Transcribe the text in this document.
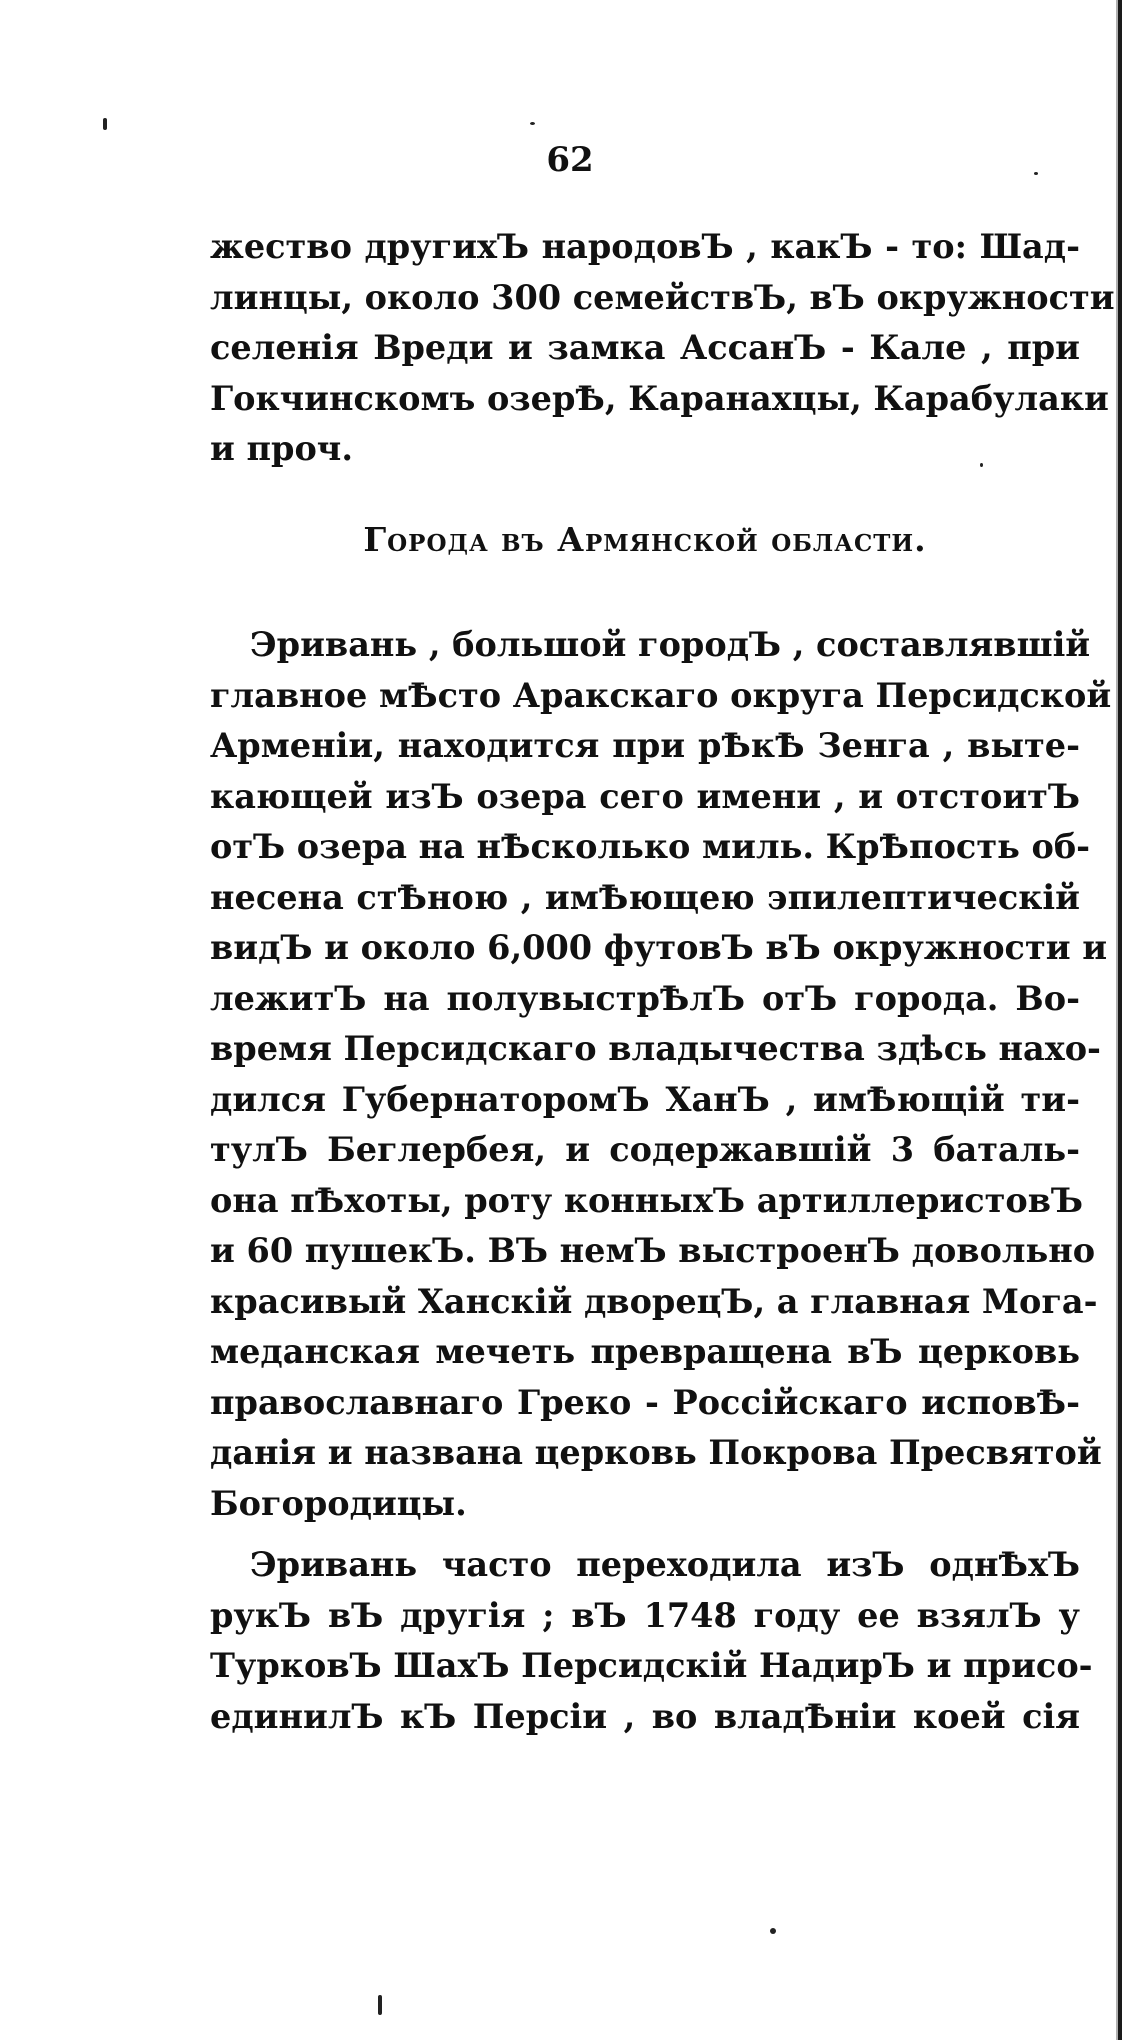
62
жество другихЪ народовЪ , какЪ - то: Шад-
линцы, около 300 семействЪ, вЪ окружности
селенія Вреди и замка АссанЪ - Кале , при
Гокчинскомъ озерѢ, Каранахцы, Карабулаки
и проч.
Города въ Армянской области.
Эривань , большой городЪ , составлявшій
главное мѢсто Аракскаго округа Персидской
Арменіи, находится при рѢкѢ Зенга , выте-
кающей изЪ озера сего имени , и отстоитЪ
отЪ озера на нѢсколько миль. КрѢпость об-
несена стѢною , имѢющею эпилептическій
видЪ и около 6,000 футовЪ вЪ окружности и
лежитЪ на полувыстрѢлЪ отЪ города. Во-
время Персидскаго владычества здѣсь нахо-
дился ГубернаторомЪ ХанЪ , имѢющій ти-
тулЪ Беглербея, и содержавшій 3 баталь-
она пѢхоты, роту конныхЪ артиллеристовЪ
и 60 пушекЪ. ВЪ немЪ выстроенЪ довольно
красивый Ханскій дворецЪ, а главная Мога-
меданская мечеть превращена вЪ церковь
православнаго Греко - Россійскаго исповѢ-
данія и названа церковь Покрова Пресвятой
Богородицы.
Эривань часто переходила изЪ однѢхЪ
рукЪ вЪ другія ; вЪ 1748 году ее взялЪ у
ТурковЪ ШахЪ Персидскій НадирЪ и присо-
единилЪ кЪ Персіи , во владѢніи коей сія
